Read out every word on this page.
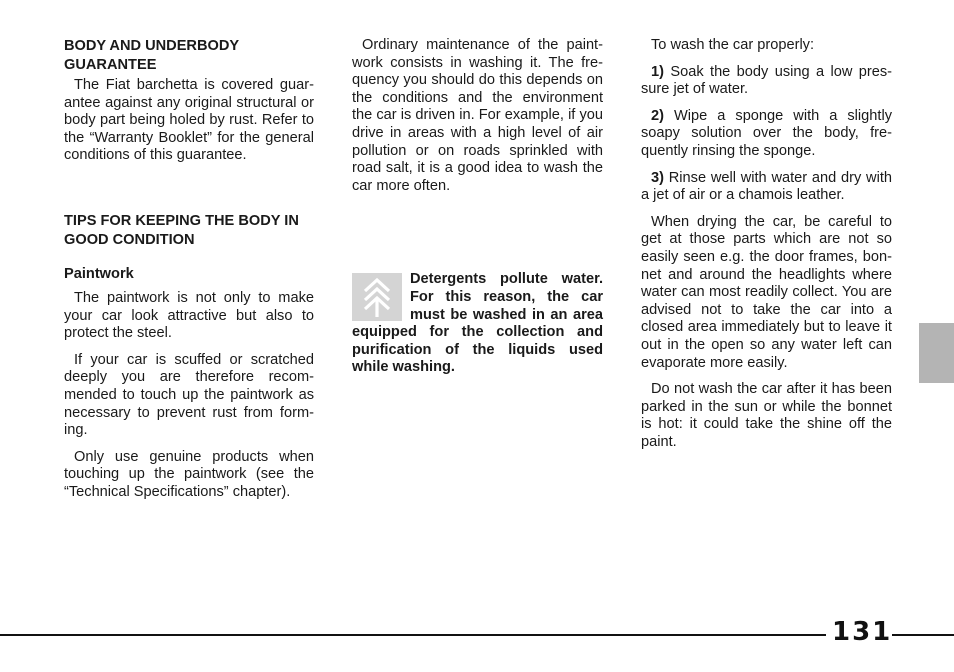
BODY AND UNDERBODY GUARANTEE

The Fiat barchetta is covered guarantee against any original structural or body part being holed by rust. Refer to the “Warranty Booklet” for the general conditions of this guarantee.

TIPS FOR KEEPING THE BODY IN GOOD CONDITION
Paintwork

The paintwork is not only to make your car look attractive but also to protect the steel.

If your car is scuffed or scratched deeply you are therefore recommended to touch up the paintwork as necessary to prevent rust from forming.

Only use genuine products when touching up the paintwork (see the “Technical Specifications” chapter).

Ordinary maintenance of the paintwork consists in washing it. The frequency you should do this depends on the conditions and the environment the car is driven in. For example, if you drive in areas with a high level of air pollution or on roads sprinkled with road salt, it is a good idea to wash the car more often.

Detergents pollute water. For this reason, the car must be washed in an area equipped for the collection and purification of the liquids used while washing.

To wash the car properly:

1) Soak the body using a low pressure jet of water.

2) Wipe a sponge with a slightly soapy solution over the body, frequently rinsing the sponge.

3) Rinse well with water and dry with a jet of air or a chamois leather.

When drying the car, be careful to get at those parts which are not so easily seen e.g. the door frames, bonnet and around the headlights where water can most readily collect. You are advised not to take the car into a closed area immediately but to leave it out in the open so any water left can evaporate more easily.

Do not wash the car after it has been parked in the sun or while the bonnet is hot: it could take the shine off the paint.

131
